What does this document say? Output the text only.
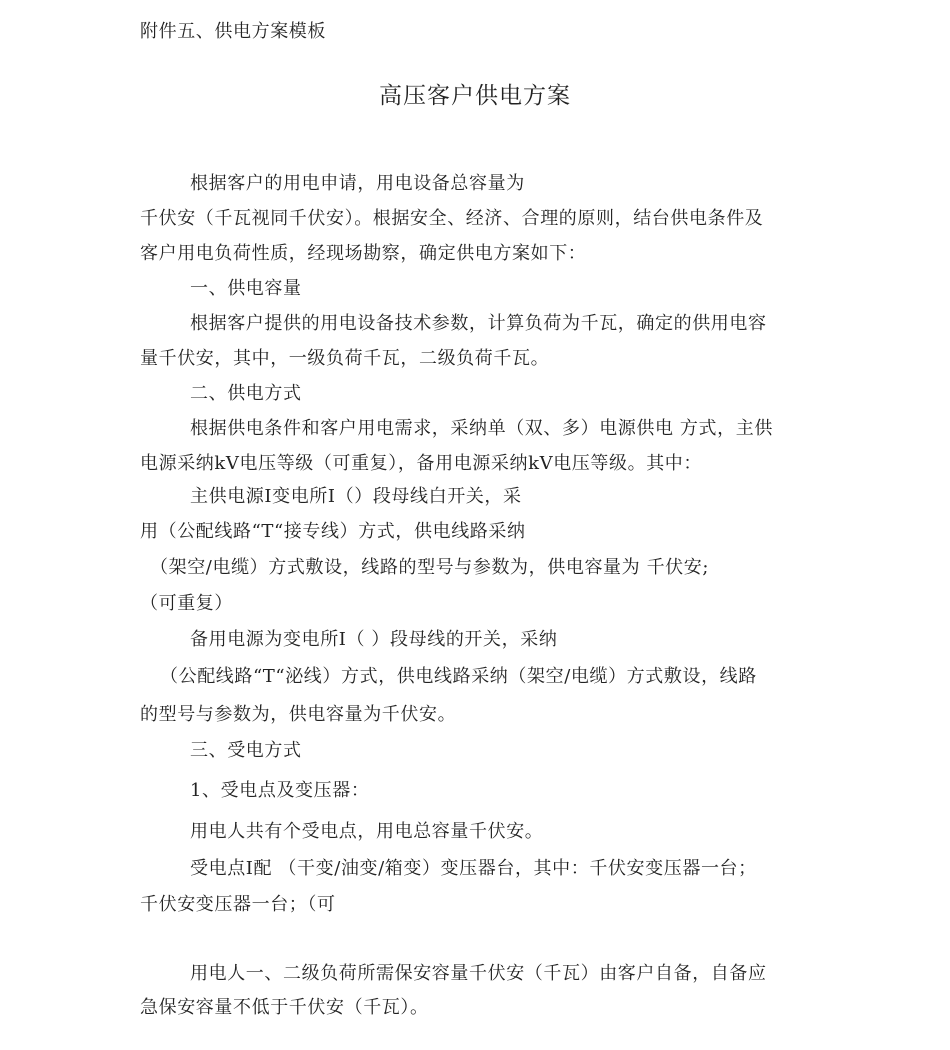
附件五、供电方案模板
高压客户供电方案
根据客户的用电申请，用电设备总容量为
千伏安（千瓦视同千伏安）。根据安全、经济、合理的原则，结台供电条件及
客户用电负荷性质，经现场勘察，确定供电方案如下：
一、供电容量
根据客户提供的用电设备技术参数，计算负荷为千瓦，确定的供用电容
量千伏安，其中，一级负荷千瓦，二级负荷千瓦。
二、供电方式
根据供电条件和客户用电需求，采纳单（双、多）电源供电 方式，主供
电源采纳kV电压等级（可重复），备用电源采纳kV电压等级。其中：
主供电源I变电所I（）段母线白开关，采
用（公配线路“T“接专线）方式，供电线路采纳
（架空/电缆）方式敷设，线路的型号与参数为，供电容量为 千伏安;
（可重复）
备用电源为变电所I（ ）段母线的开关，采纳
（公配线路“T“泌线）方式，供电线路采纳（架空/电缆）方式敷设，线路
的型号与参数为，供电容量为千伏安。
三、受电方式
1、受电点及变压器：
用电人共有个受电点，用电总容量千伏安。
受电点I配 （干变/油变/箱变）变压器台，其中：千伏安变压器一台；
千伏安变压器一台；（可
用电人一、二级负荷所需保安容量千伏安（千瓦）由客户自备，自备应
急保安容量不低于千伏安（千瓦）。
